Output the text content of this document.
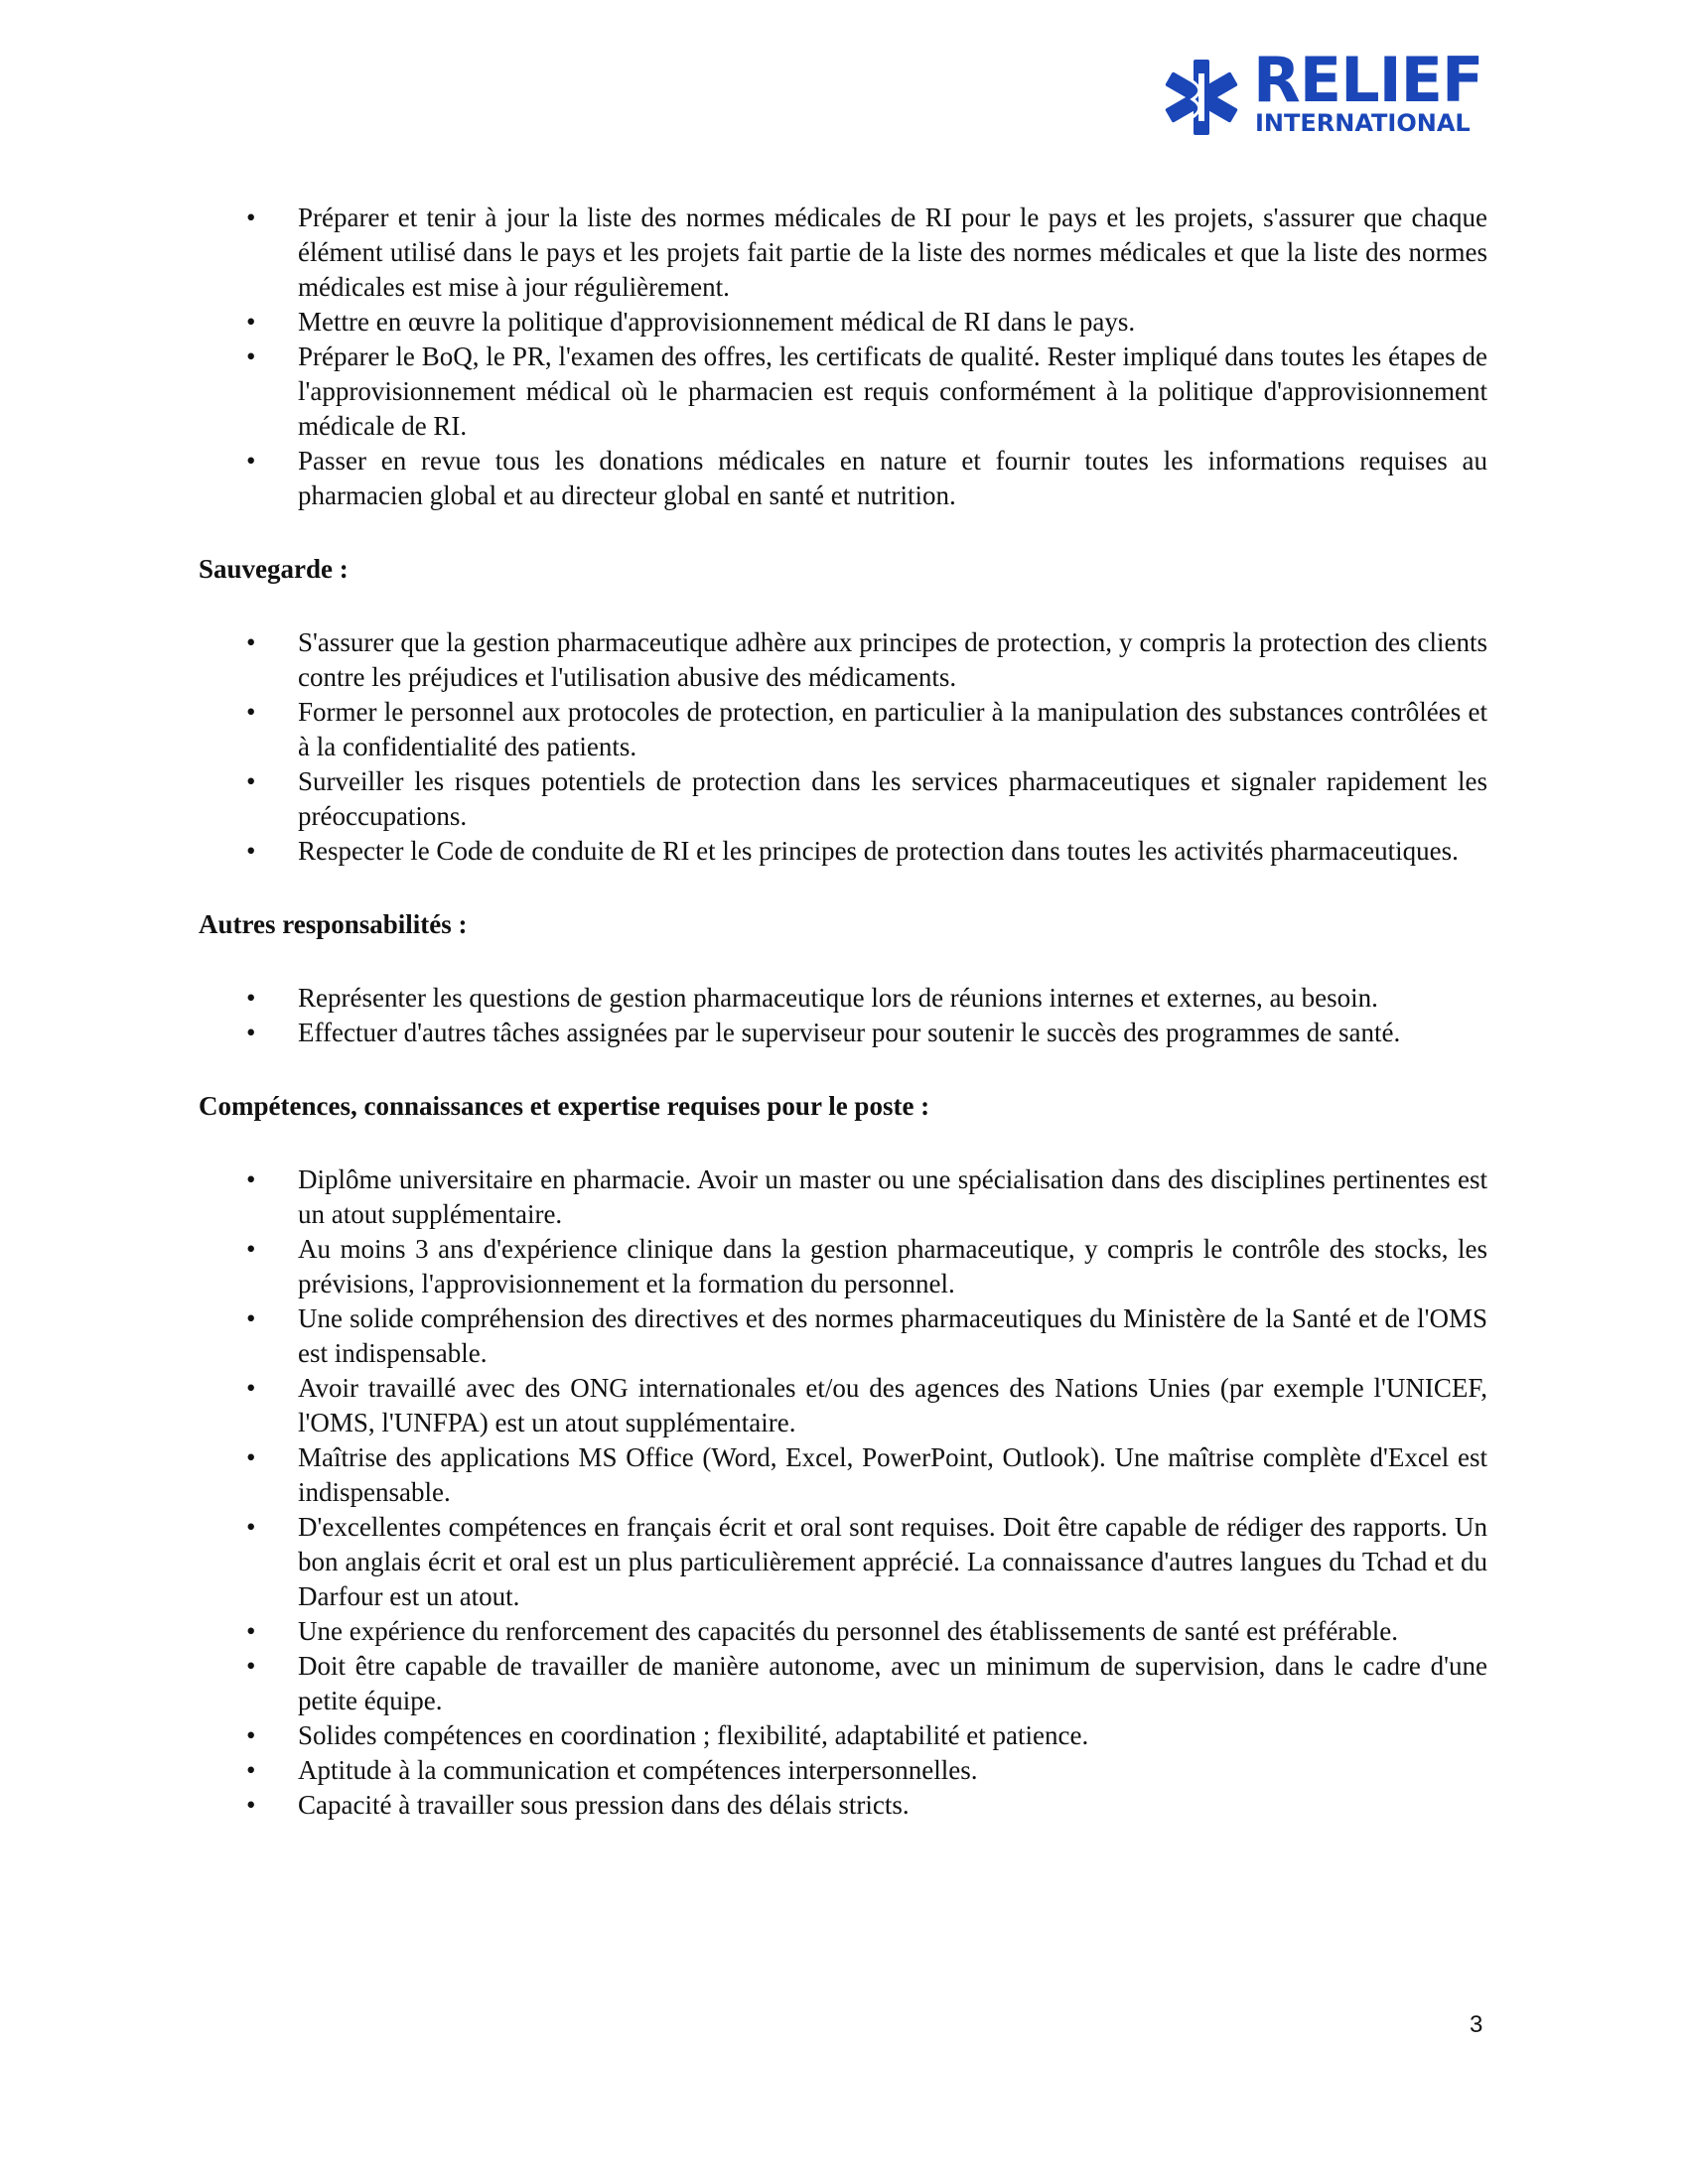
RELIEF
INTERNATIONAL
• Préparer et tenir à jour la liste des normes médicales de RI pour le pays et les projets, s'assurer que chaque élément utilisé dans le pays et les projets fait partie de la liste des normes médicales et que la liste des normes médicales est mise à jour régulièrement.
• Mettre en œuvre la politique d'approvisionnement médical de RI dans le pays.
• Préparer le BoQ, le PR, l'examen des offres, les certificats de qualité. Rester impliqué dans toutes les étapes de l'approvisionnement médical où le pharmacien est requis conformément à la politique d'approvisionnement médicale de RI.
• Passer en revue tous les donations médicales en nature et fournir toutes les informations requises au pharmacien global et au directeur global en santé et nutrition.
Sauvegarde :
• S'assurer que la gestion pharmaceutique adhère aux principes de protection, y compris la protection des clients contre les préjudices et l'utilisation abusive des médicaments.
• Former le personnel aux protocoles de protection, en particulier à la manipulation des substances contrôlées et à la confidentialité des patients.
• Surveiller les risques potentiels de protection dans les services pharmaceutiques et signaler rapidement les préoccupations.
• Respecter le Code de conduite de RI et les principes de protection dans toutes les activités pharmaceutiques.
Autres responsabilités :
• Représenter les questions de gestion pharmaceutique lors de réunions internes et externes, au besoin.
• Effectuer d'autres tâches assignées par le superviseur pour soutenir le succès des programmes de santé.
Compétences, connaissances et expertise requises pour le poste :
• Diplôme universitaire en pharmacie. Avoir un master ou une spécialisation dans des disciplines pertinentes est un atout supplémentaire.
• Au moins 3 ans d'expérience clinique dans la gestion pharmaceutique, y compris le contrôle des stocks, les prévisions, l'approvisionnement et la formation du personnel.
• Une solide compréhension des directives et des normes pharmaceutiques du Ministère de la Santé et de l'OMS est indispensable.
• Avoir travaillé avec des ONG internationales et/ou des agences des Nations Unies (par exemple l'UNICEF, l'OMS, l'UNFPA) est un atout supplémentaire.
• Maîtrise des applications MS Office (Word, Excel, PowerPoint, Outlook). Une maîtrise complète d'Excel est indispensable.
• D'excellentes compétences en français écrit et oral sont requises. Doit être capable de rédiger des rapports. Un bon anglais écrit et oral est un plus particulièrement apprécié. La connaissance d'autres langues du Tchad et du Darfour est un atout.
• Une expérience du renforcement des capacités du personnel des établissements de santé est préférable.
• Doit être capable de travailler de manière autonome, avec un minimum de supervision, dans le cadre d'une petite équipe.
• Solides compétences en coordination ; flexibilité, adaptabilité et patience.
• Aptitude à la communication et compétences interpersonnelles.
• Capacité à travailler sous pression dans des délais stricts.
3
